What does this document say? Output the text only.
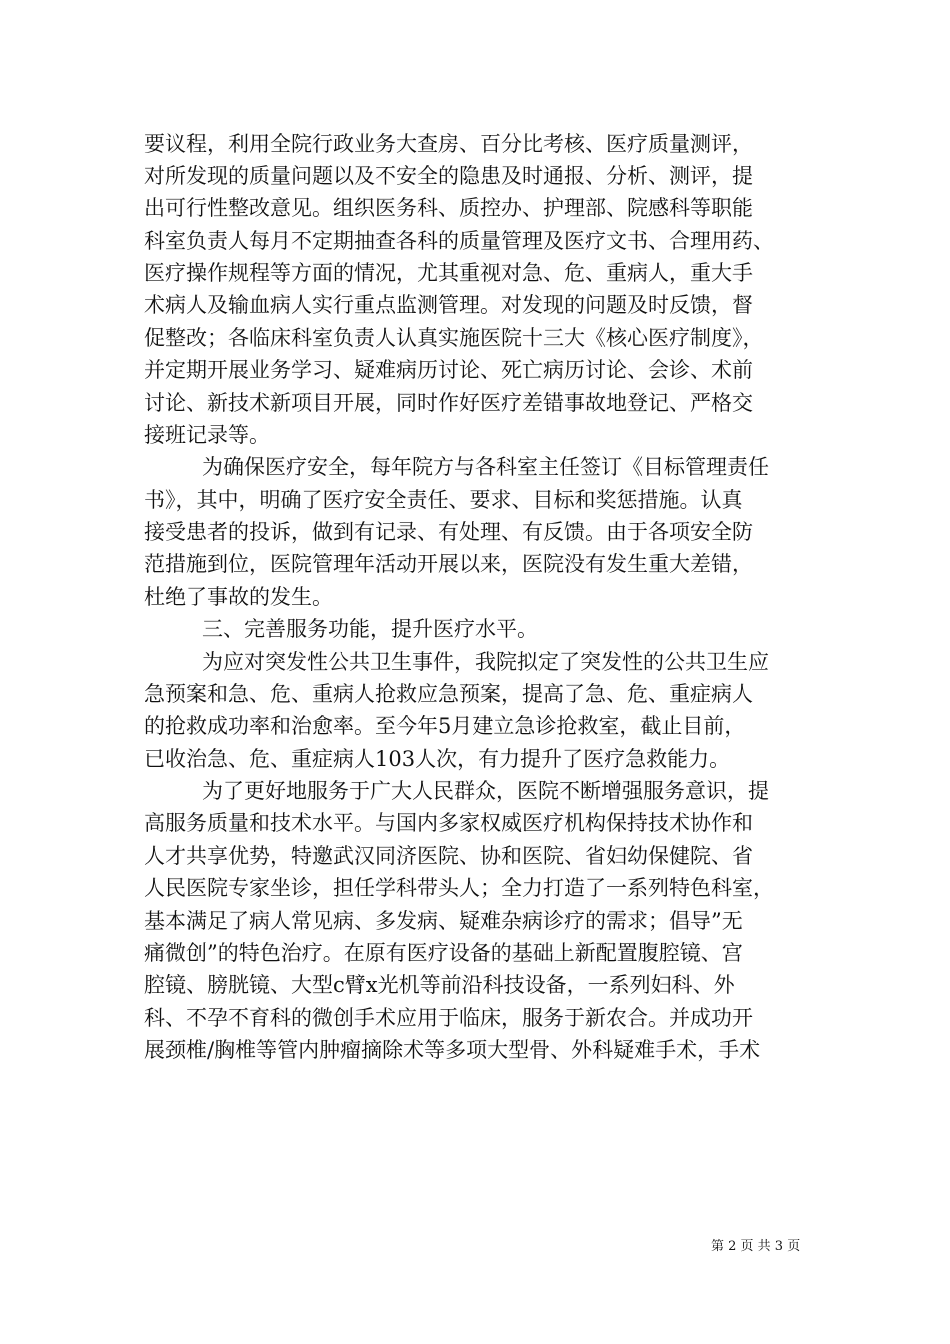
要议程，利用全院行政业务大查房、百分比考核、医疗质量测评，
对所发现的质量问题以及不安全的隐患及时通报、分析、测评，提
出可行性整改意见。组织医务科、质控办、护理部、院感科等职能
科室负责人每月不定期抽查各科的质量管理及医疗文书、合理用药、
医疗操作规程等方面的情况，尤其重视对急、危、重病人，重大手
术病人及输血病人实行重点监测管理。对发现的问题及时反馈，督
促整改；各临床科室负责人认真实施医院十三大《核心医疗制度》，
并定期开展业务学习、疑难病历讨论、死亡病历讨论、会诊、术前
讨论、新技术新项目开展，同时作好医疗差错事故地登记、严格交
接班记录等。
为确保医疗安全，每年院方与各科室主任签订《目标管理责任
书》，其中，明确了医疗安全责任、要求、目标和奖惩措施。认真
接受患者的投诉，做到有记录、有处理、有反馈。由于各项安全防
范措施到位，医院管理年活动开展以来，医院没有发生重大差错，
杜绝了事故的发生。
三、完善服务功能，提升医疗水平。
为应对突发性公共卫生事件，我院拟定了突发性的公共卫生应
急预案和急、危、重病人抢救应急预案，提高了急、危、重症病人
的抢救成功率和治愈率。至今年5月建立急诊抢救室，截止目前，
已收治急、危、重症病人103人次，有力提升了医疗急救能力。
为了更好地服务于广大人民群众，医院不断增强服务意识，提
高服务质量和技术水平。与国内多家权威医疗机构保持技术协作和
人才共享优势，特邀武汉同济医院、协和医院、省妇幼保健院、省
人民医院专家坐诊，担任学科带头人；全力打造了一系列特色科室，
基本满足了病人常见病、多发病、疑难杂病诊疗的需求；倡导”无
痛微创”的特色治疗。在原有医疗设备的基础上新配置腹腔镜、宫
腔镜、膀胱镜、大型c臂x光机等前沿科技设备，一系列妇科、外
科、不孕不育科的微创手术应用于临床，服务于新农合。并成功开
展颈椎/胸椎等管内肿瘤摘除术等多项大型骨、外科疑难手术，手术
第 2 页 共 3 页
